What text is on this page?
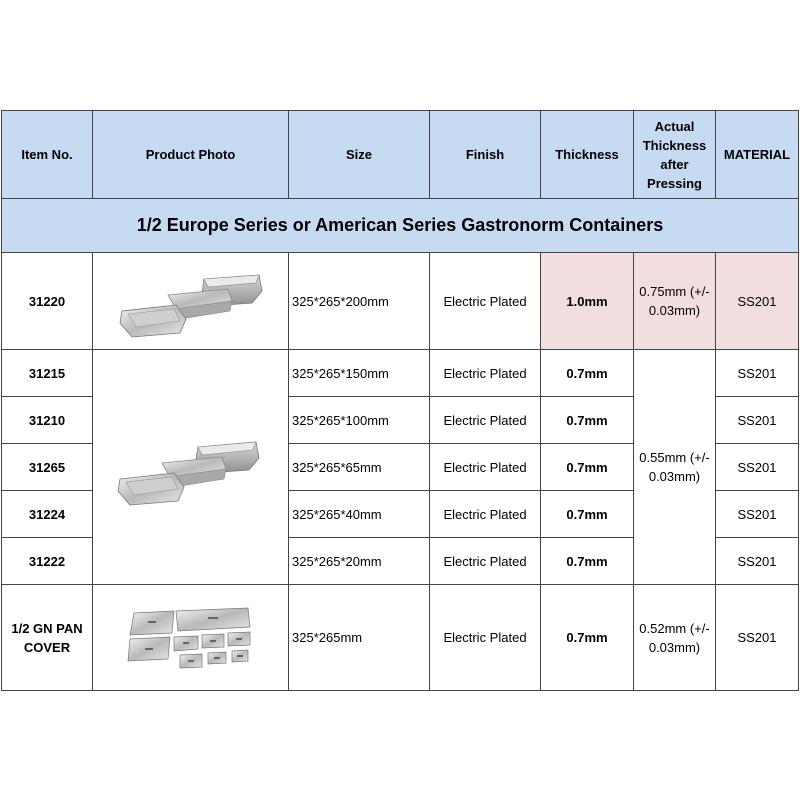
Item No.	Product Photo	Size	Finish	Thickness	Actual Thickness after Pressing	MATERIAL
1/2 Europe Series or American Series Gastronorm Containers						
31220		325*265*200mm	Electric Plated	1.0mm	0.75mm (+/- 0.03mm)	SS201
31215		325*265*150mm	Electric Plated	0.7mm	0.55mm (+/- 0.03mm)	SS201
31210		325*265*100mm	Electric Plated	0.7mm		SS201
31265		325*265*65mm	Electric Plated	0.7mm		SS201
31224		325*265*40mm	Electric Plated	0.7mm		SS201
31222		325*265*20mm	Electric Plated	0.7mm		SS201
1/2 GN PAN COVER		325*265mm	Electric Plated	0.7mm	0.52mm (+/- 0.03mm)	SS201
